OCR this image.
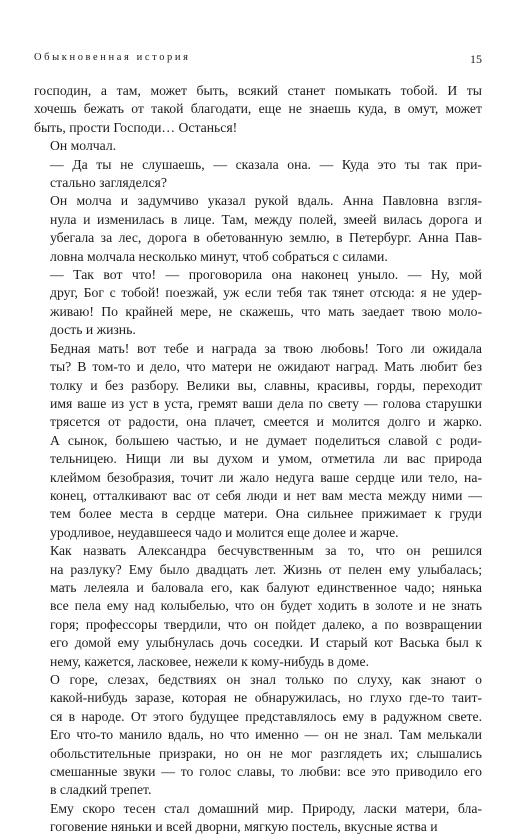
Обыкновенная история	15

господин, а там, может быть, всякий станет помыкать тобой. И ты
хочешь бежать от такой благодати, еще не знаешь куда, в омут, может
быть, прости Господи… Останься!

Он молчал.

— Да ты не слушаешь, — сказала она. — Куда это ты так при-
стально загляделся?

Он молча и задумчиво указал рукой вдаль. Анна Павловна взгля-
нула и изменилась в лице. Там, между полей, змеей вилась дорога и
убегала за лес, дорога в обетованную землю, в Петербург. Анна Пав-
ловна молчала несколько минут, чтоб собраться с силами.

— Так вот что! — проговорила она наконец уныло. — Ну, мой
друг, Бог с тобой! поезжай, уж если тебя так тянет отсюда: я не удер-
живаю! По крайней мере, не скажешь, что мать заедает твою моло-
дость и жизнь.

Бедная мать! вот тебе и награда за твою любовь! Того ли ожидала
ты? В том-то и дело, что матери не ожидают наград. Мать любит без
толку и без разбору. Велики вы, славны, красивы, горды, переходит
имя ваше из уст в уста, гремят ваши дела по свету — голова старушки
трясется от радости, она плачет, смеется и молится долго и жарко.
А сынок, большею частью, и не думает поделиться славой с роди-
тельницею. Нищи ли вы духом и умом, отметила ли вас природа
клеймом безобразия, точит ли жало недуга ваше сердце или тело, на-
конец, отталкивают вас от себя люди и нет вам места между ними —
тем более места в сердце матери. Она сильнее прижимает к груди
уродливое, неудавшееся чадо и молится еще долее и жарче.

Как назвать Александра бесчувственным за то, что он решился
на разлуку? Ему было двадцать лет. Жизнь от пелен ему улыбалась;
мать лелеяла и баловала его, как балуют единственное чадо; нянька
все пела ему над колыбелью, что он будет ходить в золоте и не знать
горя; профессоры твердили, что он пойдет далеко, а по возвращении
его домой ему улыбнулась дочь соседки. И старый кот Васька был к
нему, кажется, ласковее, нежели к кому-нибудь в доме.

О горе, слезах, бедствиях он знал только по слуху, как знают о
какой-нибудь заразе, которая не обнаружилась, но глухо где-то таит-
ся в народе. От этого будущее представлялось ему в радужном свете.
Его что-то манило вдаль, но что именно — он не знал. Там мелькали
обольстительные призраки, но он не мог разглядеть их; слышались
смешанные звуки — то голос славы, то любви: все это приводило его
в сладкий трепет.

Ему скоро тесен стал домашний мир. Природу, ласки матери, бла-
гоговение няньки и всей дворни, мягкую постель, вкусные яства и
